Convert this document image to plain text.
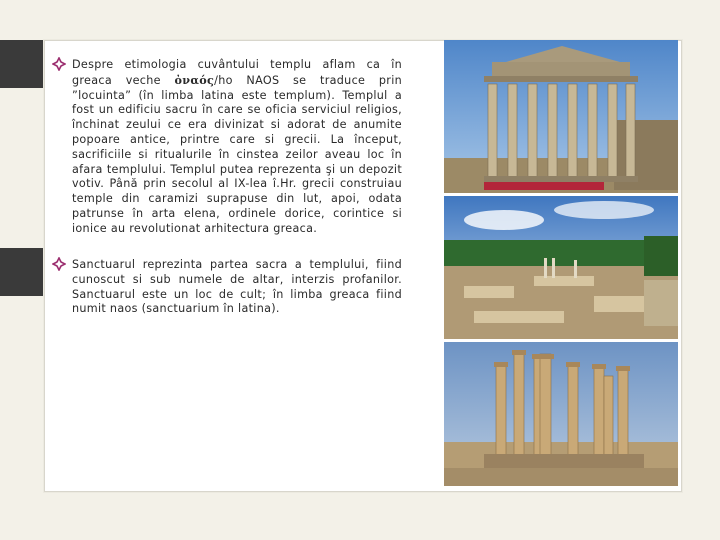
Despre etimologia cuvântului templu aflam ca în greaca veche ὀναός/ho NAOS se traduce prin ”locuinta” (în limba latina este templum). Templul a fost un edificiu sacru în care se oficia serviciul religios, închinat zeului ce era divinizat si adorat de anumite popoare antice, printre care si grecii. La început, sacrificiile si ritualurile în cinstea zeilor aveau loc în afara templului. Templul putea reprezenta şi un depozit votiv. Până prin secolul al IX-lea î.Hr. grecii construiau temple din caramizi suprapuse din lut, apoi, odata patrunse în arta elena, ordinele dorice, corintice si ionice au revolutionat arhitectura greaca.
Sanctuarul reprezinta partea sacra a templului, fiind cunoscut si sub numele de altar, interzis profanilor. Sanctuarul este un loc de cult; în limba greaca fiind numit naos (sanctuarium în latina).
